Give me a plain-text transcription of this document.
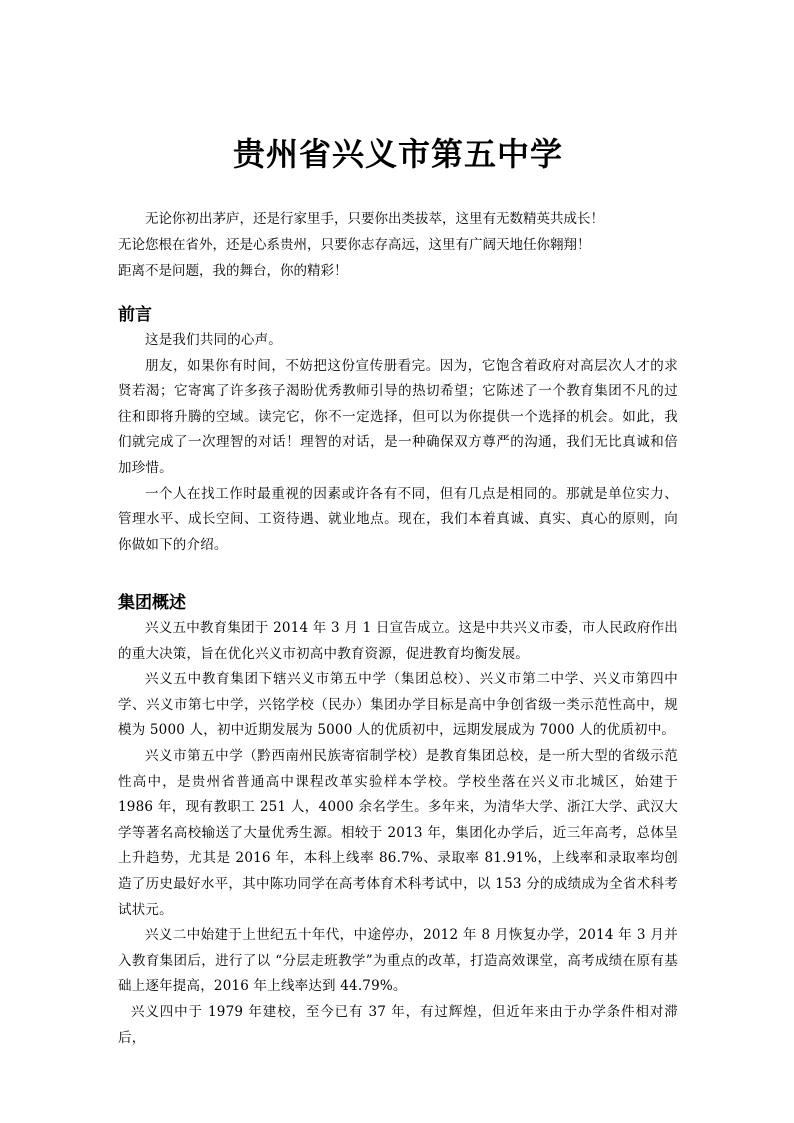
贵州省兴义市第五中学

无论你初出茅庐，还是行家里手，只要你出类拔萃，这里有无数精英共成长！

无论您根在省外，还是心系贵州，只要你志存高远，这里有广阔天地任你翱翔！

距离不是问题，我的舞台，你的精彩！

前言

这是我们共同的心声。

朋友，如果你有时间，不妨把这份宣传册看完。因为，它饱含着政府对高层次人才的求贤若渴；它寄寓了许多孩子渴盼优秀教师引导的热切希望；它陈述了一个教育集团不凡的过往和即将升腾的空域。读完它，你不一定选择，但可以为你提供一个选择的机会。如此，我们就完成了一次理智的对话！理智的对话，是一种确保双方尊严的沟通，我们无比真诚和倍加珍惜。

一个人在找工作时最重视的因素或许各有不同，但有几点是相同的。那就是单位实力、管理水平、成长空间、工资待遇、就业地点。现在，我们本着真诚、真实、真心的原则，向你做如下的介绍。

集团概述

兴义五中教育集团于 2014 年 3 月 1 日宣告成立。这是中共兴义市委，市人民政府作出的重大决策，旨在优化兴义市初高中教育资源，促进教育均衡发展。

兴义五中教育集团下辖兴义市第五中学（集团总校）、兴义市第二中学、兴义市第四中学、兴义市第七中学，兴铭学校（民办）集团办学目标是高中争创省级一类示范性高中，规模为 5000 人，初中近期发展为 5000 人的优质初中，远期发展成为 7000 人的优质初中。

兴义市第五中学（黔西南州民族寄宿制学校）是教育集团总校，是一所大型的省级示范性高中，是贵州省普通高中课程改革实验样本学校。学校坐落在兴义市北城区，始建于 1986 年，现有教职工 251 人，4000 余名学生。多年来，为清华大学、浙江大学、武汉大学等著名高校输送了大量优秀生源。相较于 2013 年，集团化办学后，近三年高考，总体呈上升趋势，尤其是 2016 年，本科上线率 86.7%、录取率 81.91%，上线率和录取率均创造了历史最好水平，其中陈功同学在高考体育术科考试中，以 153 分的成绩成为全省术科考试状元。

兴义二中始建于上世纪五十年代，中途停办，2012 年 8 月恢复办学，2014 年 3 月并入教育集团后，进行了以 “分层走班教学”为重点的改革，打造高效课堂，高考成绩在原有基础上逐年提高，2016 年上线率达到 44.79%。

兴义四中于 1979 年建校，至今已有 37 年，有过辉煌，但近年来由于办学条件相对滞后，
